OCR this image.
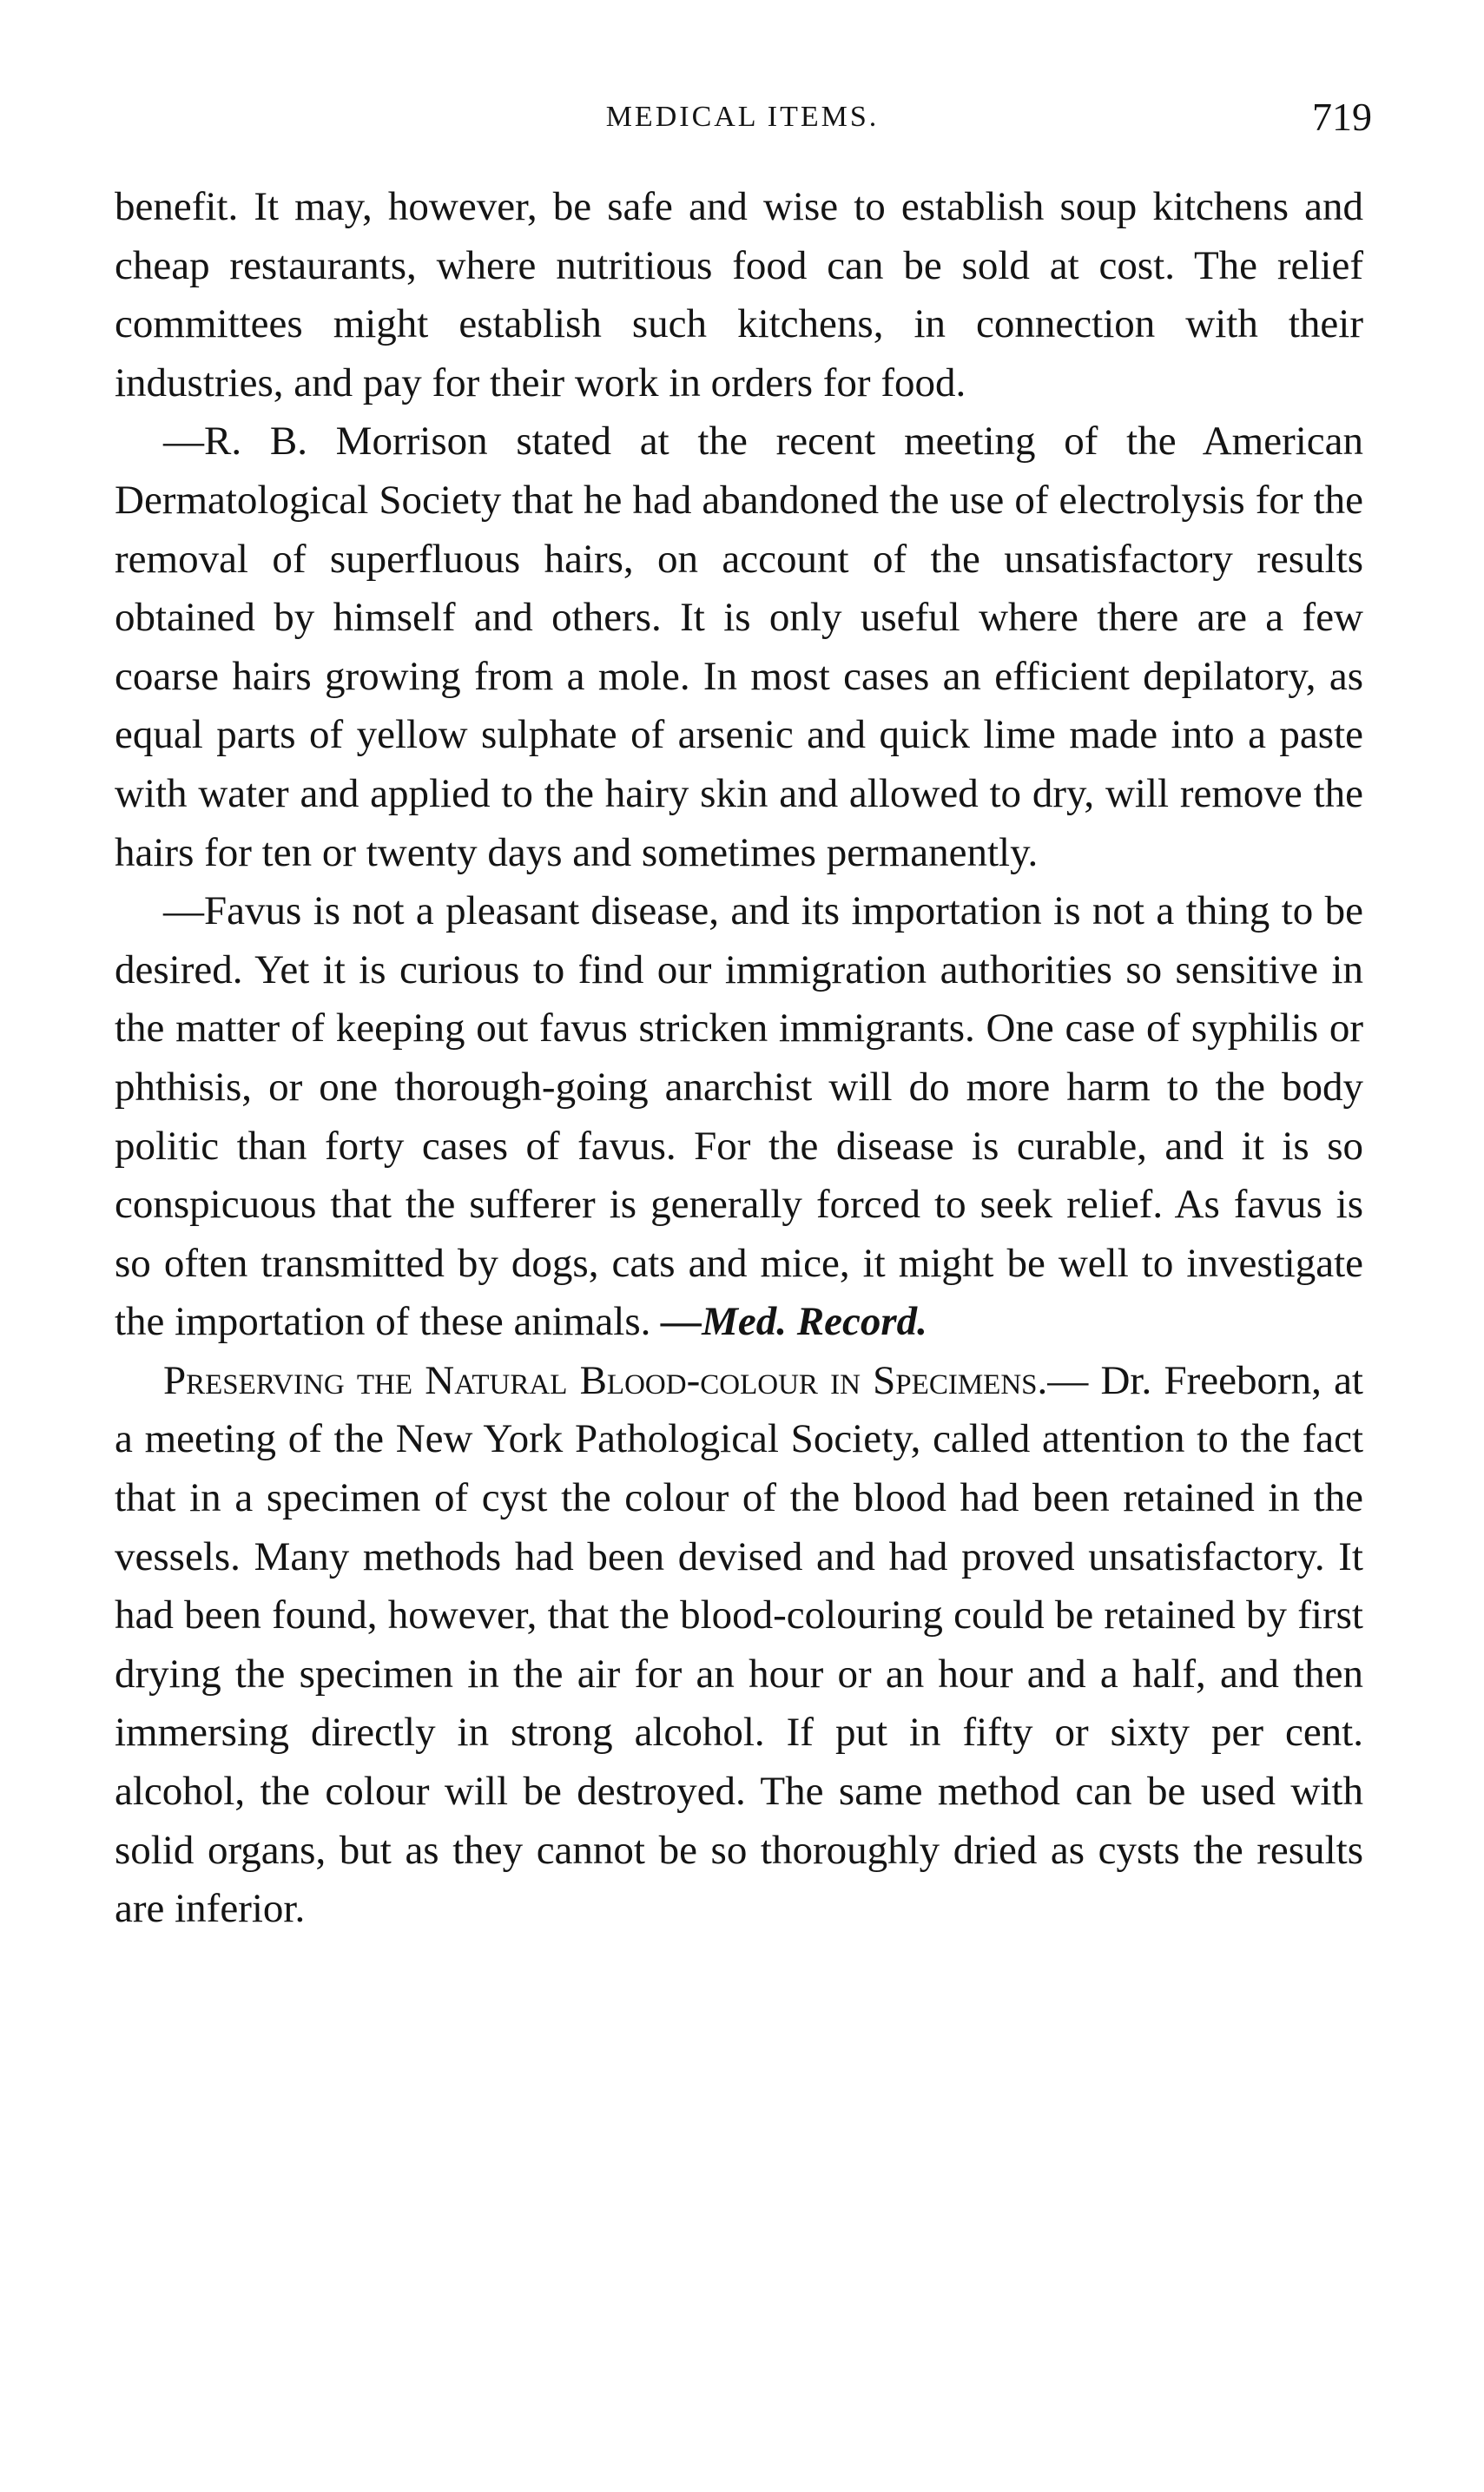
MEDICAL ITEMS.	719

benefit. It may, however, be safe and wise to establish soup kitchens and cheap restaurants, where nutritious food can be sold at cost. The relief committees might establish such kitchens, in connection with their industries, and pay for their work in orders for food.

—R. B. Morrison stated at the recent meeting of the American Dermatological Society that he had abandoned the use of electrolysis for the removal of superfluous hairs, on account of the unsatisfactory results obtained by himself and others. It is only useful where there are a few coarse hairs growing from a mole. In most cases an efficient depilatory, as equal parts of yellow sulphate of arsenic and quick lime made into a paste with water and applied to the hairy skin and allowed to dry, will remove the hairs for ten or twenty days and sometimes permanently.

—Favus is not a pleasant disease, and its importation is not a thing to be desired. Yet it is curious to find our immigration authorities so sensitive in the matter of keeping out favus stricken immigrants. One case of syphilis or phthisis, or one thorough-going anarchist will do more harm to the body politic than forty cases of favus. For the disease is curable, and it is so conspicuous that the sufferer is generally forced to seek relief. As favus is so often transmitted by dogs, cats and mice, it might be well to investigate the importation of these animals. —Med. Record.

Preserving the Natural Blood-colour in Specimens.— Dr. Freeborn, at a meeting of the New York Pathological Society, called attention to the fact that in a specimen of cyst the colour of the blood had been retained in the vessels. Many methods had been devised and had proved unsatisfactory. It had been found, however, that the blood-colouring could be retained by first drying the specimen in the air for an hour or an hour and a half, and then immersing directly in strong alcohol. If put in fifty or sixty per cent. alcohol, the colour will be destroyed. The same method can be used with solid organs, but as they cannot be so thoroughly dried as cysts the results are inferior.
